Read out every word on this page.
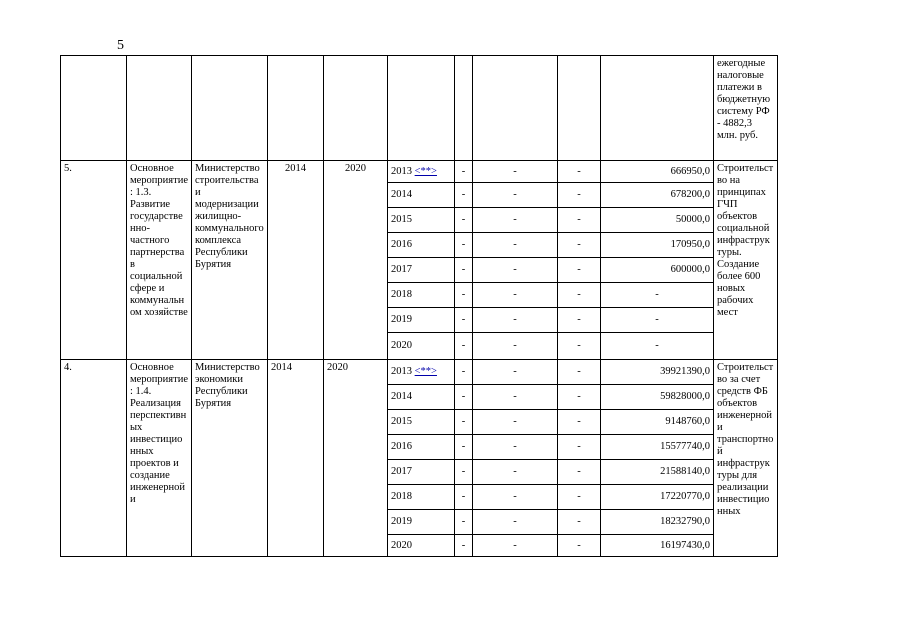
5
										ежегодные налоговые платежи в бюджетную систему РФ - 4882,3 млн. руб.
5.	Основное мероприятие: 1.3. Развитие государственно-частного партнерства в социальной сфере и коммунальном хозяйстве	Министерство строительства и модернизации жилищно-коммунального комплекса Республики Бурятия	2014	2020	2013 <**>	-	-	-	666950,0	Строительство на принципах ГЧП объектов социальной инфраструктуры. Создание более 600 новых рабочих мест
					2014	-	-	-	678200,0	
					2015	-	-	-	50000,0	
					2016	-	-	-	170950,0	
					2017	-	-	-	600000,0	
					2018	-	-	-	-	
					2019	-	-	-	-	
					2020	-	-	-	-	
4.	Основное мероприятие: 1.4. Реализация перспективных инвестиционных проектов и создание инженерной и	Министерство экономики Республики Бурятия	2014	2020	2013 <**>	-	-	-	39921390,0	Строительство за счет средств ФБ объектов инженерной и транспортной инфраструктуры для реализации инвестиционных
					2014	-	-	-	59828000,0	
					2015	-	-	-	9148760,0	
					2016	-	-	-	15577740,0	
					2017	-	-	-	21588140,0	
					2018	-	-	-	17220770,0	
					2019	-	-	-	18232790,0	
					2020	-	-	-	16197430,0	
